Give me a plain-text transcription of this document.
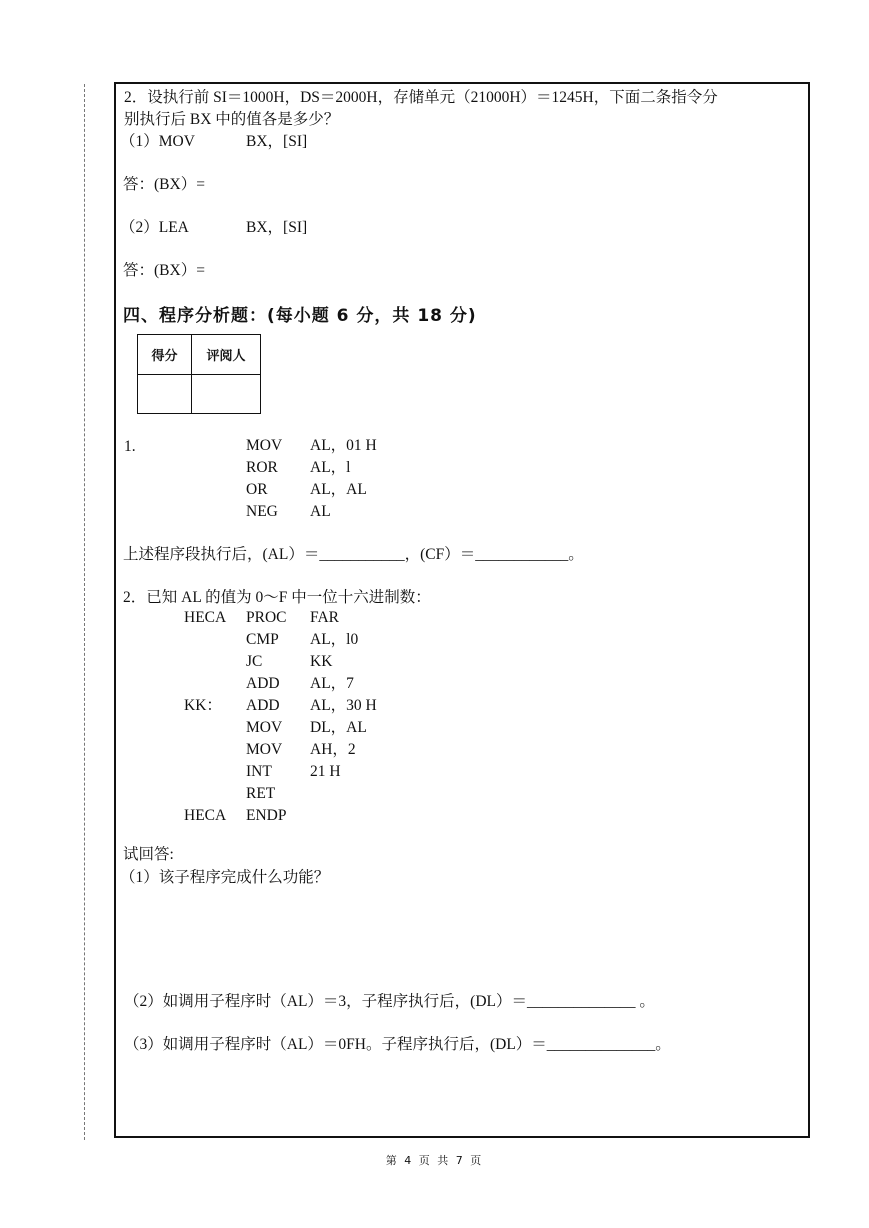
2．设执行前 SI＝1000H，DS＝2000H，存储单元（21000H）＝1245H，下面二条指令分
别执行后 BX 中的值各是多少？
（1）MOV	BX，[SI]
答：(BX）=
（2）LEA	BX，[SI]
答：(BX）=
四、程序分析题：(每小题 6 分，共 18 分)
得分	评阅人

1.	MOV AL，01 H
ROR AL，l
OR	AL，AL
NEG AL
上述程序段执行后，(AL）＝___________，(CF）＝____________。
2．已知 AL 的值为 0～F 中一位十六进制数：
HECA PROC FAR
CMP AL，l0
JC	KK
ADD AL，7
KK： ADD AL，30 H
MOV DL，AL
MOV AH，2
INT 21 H
RET
HECA ENDP
试回答:
（1）该子程序完成什么功能？
（2）如调用子程序时（AL）＝3，子程序执行后，(DL）＝______________ 。
（3）如调用子程序时（AL）＝0FH。子程序执行后，(DL）＝______________。
第 4 页 共 7 页
